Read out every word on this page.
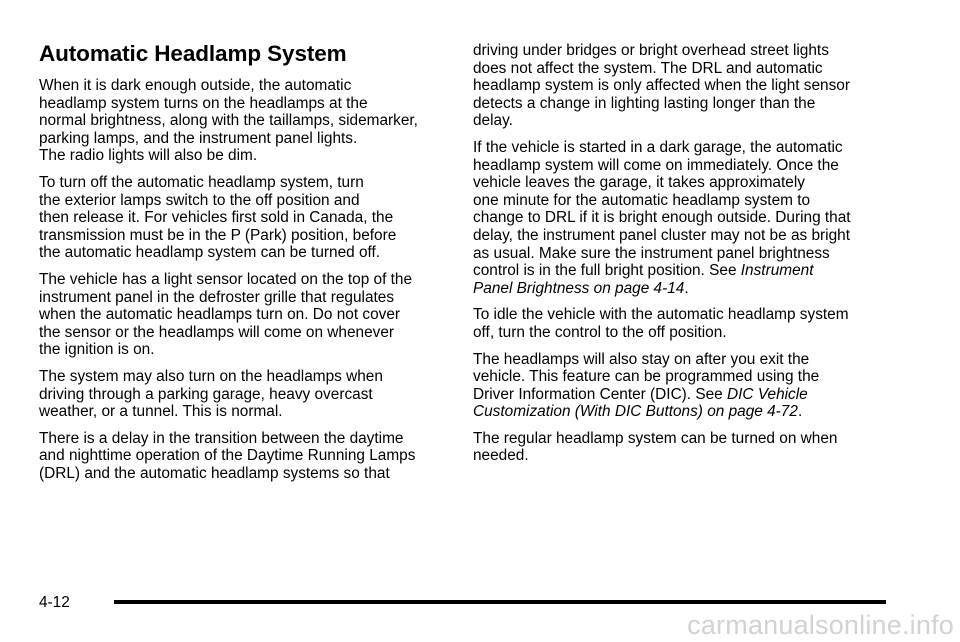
Automatic Headlamp System

When it is dark enough outside, the automatic
headlamp system turns on the headlamps at the
normal brightness, along with the taillamps, sidemarker,
parking lamps, and the instrument panel lights.
The radio lights will also be dim.

To turn off the automatic headlamp system, turn
the exterior lamps switch to the off position and
then release it. For vehicles first sold in Canada, the
transmission must be in the P (Park) position, before
the automatic headlamp system can be turned off.

The vehicle has a light sensor located on the top of the
instrument panel in the defroster grille that regulates
when the automatic headlamps turn on. Do not cover
the sensor or the headlamps will come on whenever
the ignition is on.

The system may also turn on the headlamps when
driving through a parking garage, heavy overcast
weather, or a tunnel. This is normal.

There is a delay in the transition between the daytime
and nighttime operation of the Daytime Running Lamps
(DRL) and the automatic headlamp systems so that

driving under bridges or bright overhead street lights
does not affect the system. The DRL and automatic
headlamp system is only affected when the light sensor
detects a change in lighting lasting longer than the
delay.

If the vehicle is started in a dark garage, the automatic
headlamp system will come on immediately. Once the
vehicle leaves the garage, it takes approximately
one minute for the automatic headlamp system to
change to DRL if it is bright enough outside. During that
delay, the instrument panel cluster may not be as bright
as usual. Make sure the instrument panel brightness
control is in the full bright position. See Instrument
Panel Brightness on page 4-14.

To idle the vehicle with the automatic headlamp system
off, turn the control to the off position.

The headlamps will also stay on after you exit the
vehicle. This feature can be programmed using the
Driver Information Center (DIC). See DIC Vehicle
Customization (With DIC Buttons) on page 4-72.

The regular headlamp system can be turned on when
needed.

4-12
carmanualsonline.info
